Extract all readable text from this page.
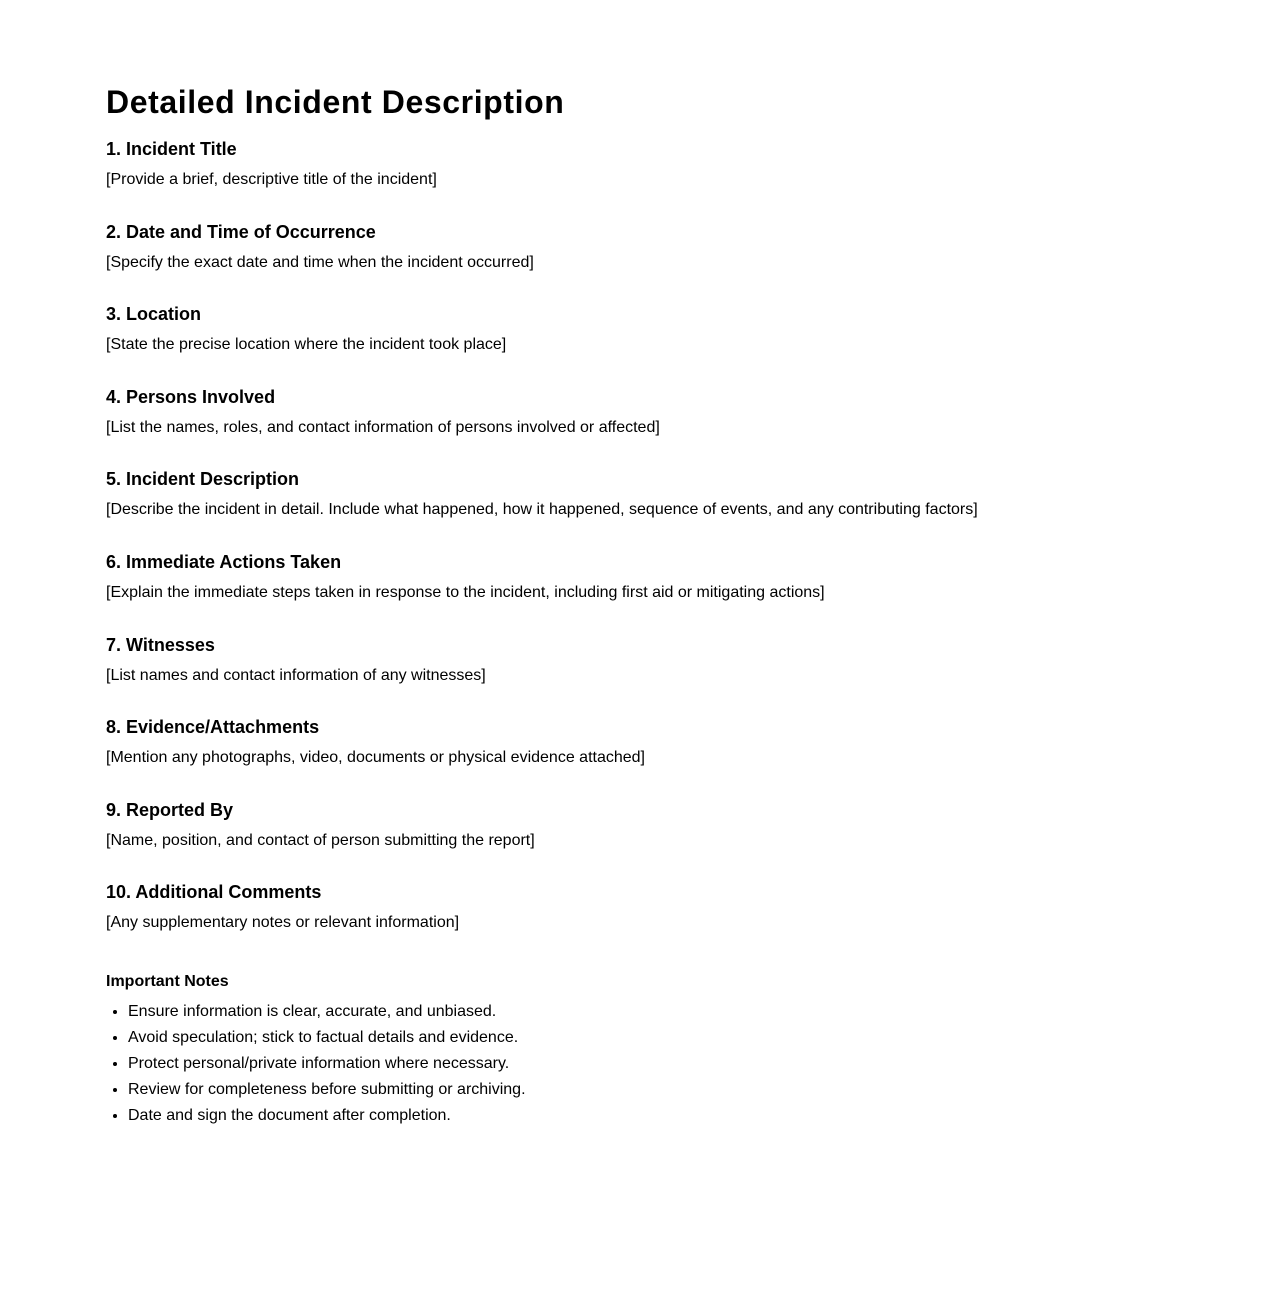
Detailed Incident Description
1. Incident Title
[Provide a brief, descriptive title of the incident]
2. Date and Time of Occurrence
[Specify the exact date and time when the incident occurred]
3. Location
[State the precise location where the incident took place]
4. Persons Involved
[List the names, roles, and contact information of persons involved or affected]
5. Incident Description
[Describe the incident in detail. Include what happened, how it happened, sequence of events, and any contributing factors]
6. Immediate Actions Taken
[Explain the immediate steps taken in response to the incident, including first aid or mitigating actions]
7. Witnesses
[List names and contact information of any witnesses]
8. Evidence/Attachments
[Mention any photographs, video, documents or physical evidence attached]
9. Reported By
[Name, position, and contact of person submitting the report]
10. Additional Comments
[Any supplementary notes or relevant information]
Important Notes
• Ensure information is clear, accurate, and unbiased.
• Avoid speculation; stick to factual details and evidence.
• Protect personal/private information where necessary.
• Review for completeness before submitting or archiving.
• Date and sign the document after completion.
